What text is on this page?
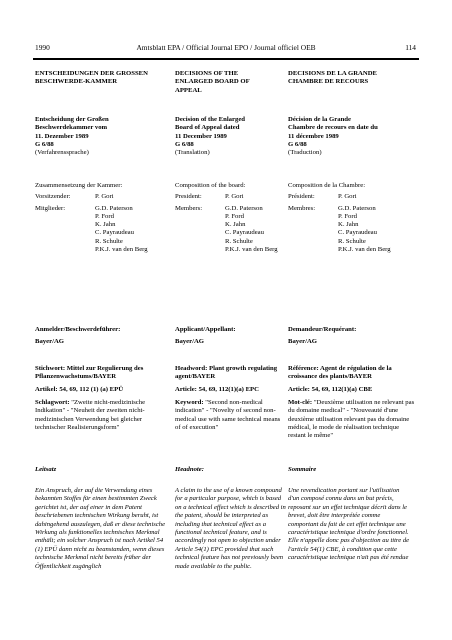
1990	Amtsblatt EPA / Official Journal EPO / Journal officiel OEB	114
ENTSCHEIDUNGEN DER GROSSEN BESCHWERDE-KAMMER
DECISIONS OF THE ENLARGED BOARD OF APPEAL
DECISIONS DE LA GRANDE CHAMBRE DE RECOURS
Entscheidung der Großen
Beschwerdekammer vom
11. Dezember 1989
G 6/88
(Verfahrenssprache)
Decision of the Enlarged
Board of Appeal dated
11 December 1989
G 6/88
(Translation)
Décision de la Grande
Chambre de recours en date du
11 décembre 1989
G 6/88
(Traduction)
Zusammensetzung der Kammer:
Vorsitzender:	P. Gori
Mitglieder:	G.D. Paterson
P. Ford
K. Jahn
C. Payraudeau
R. Schulte
P.K.J. van den Berg
Composition of the board:
President:	P. Gori
Members:	G.D. Paterson
P. Ford
K. Jahn
C. Payraudeau
R. Schulte
P.K.J. van den Berg
Composition de la Chambre:
Président:	P. Gori
Membres:	G.D. Paterson
P. Ford
K. Jahn
C. Payraudeau
R. Schulte
P.K.J. van den Berg
Anmelder/Beschwerdeführer:
Bayer/AG
Applicant/Appellant:
Bayer/AG
Demandeur/Requérant:
Bayer/AG
Stichwort: Mittel zur Regulierung des Pflanzenwachstums/BAYER
Headword: Plant growth regulating agent/BAYER
Référence: Agent de régulation de la croissance des plants/BAYER
Artikel: 54, 69, 112 (1) (a) EPÜ	Article: 54, 69, 112(1)(a) EPC	Article: 54, 69, 112(1)(a) CBE
Schlagwort: "Zweite nicht-medizinische Indikation" - "Neuheit der zweiten nicht-medizinischen Verwendung bei gleicher technischer Realisierungsform"
Keyword: "Second non-medical indication" - "Novelty of second non-medical use with same technical means of of execution"
Mot-clé: "Deuxième utilisation ne relevant pas du domaine medical" - "Nouveauté d'une deuxième utilisation relevant pas du domaine médical, le mode de réalisation technique restant le même"
Leitsatz	Headnote:	Sommaire
Ein Anspruch, der auf die Verwendung eines bekannten Stoffes für einen bestimmten Zweck gerichtet ist, der auf einer in dem Patent beschriebenen technischen Wirkung beruht, ist dahingehend auszulegen, daß er diese technische Wirkung als funktionelles technisches Merkmal enthält; ein solcher Anspruch ist nach Artikel 54 (1) EPÜ dann nicht zu beanstanden, wenn dieses technische Merkmal nicht bereits früher der Öffentlichkeit zugänglich
A claim to the use of a known compound for a particular purpose, which is based on a technical effect which is described in the patent, should be interpreted as including that technical effect as a functional technical feature, and is accordingly not open to objection under Article 54(1) EPC provided that such technical feature has not previously been made available to the public.
Une revendication portant sur l'utilisation d'un composé connu dans un but précis, reposant sur un effet technique décrit dans le brevet, doit être interprétée comme comportant du fait de cet effet technique une caractéristique technique d'ordre fonctionnel. Elle n'appelle donc pas d'objection au titre de l'article 54(1) CBE, à condition que cette caractéristique technique n'ait pas été rendue
